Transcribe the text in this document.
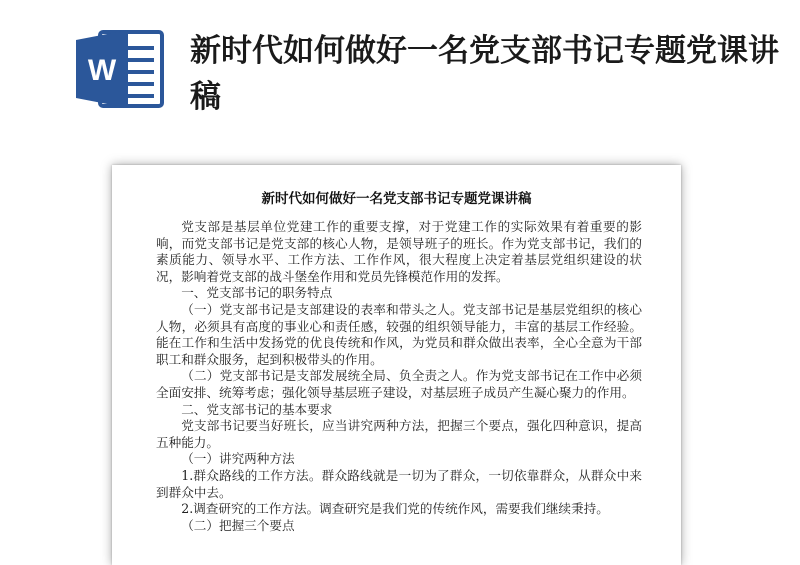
W
新时代如何做好一名党支部书记专题党课讲稿
新时代如何做好一名党支部书记专题党课讲稿

党支部是基层单位党建工作的重要支撑，对于党建工作的实际效果有着重要的影响，而党支部书记是党支部的核心人物，是领导班子的班长。作为党支部书记，我们的素质能力、领导水平、工作方法、工作作风，很大程度上决定着基层党组织建设的状况，影响着党支部的战斗堡垒作用和党员先锋模范作用的发挥。

一、党支部书记的职务特点

（一）党支部书记是支部建设的表率和带头之人。党支部书记是基层党组织的核心人物，必须具有高度的事业心和责任感，较强的组织领导能力，丰富的基层工作经验。能在工作和生活中发扬党的优良传统和作风，为党员和群众做出表率，全心全意为干部职工和群众服务，起到积极带头的作用。

（二）党支部书记是支部发展统全局、负全责之人。作为党支部书记在工作中必须全面安排、统筹考虑；强化领导基层班子建设，对基层班子成员产生凝心聚力的作用。

二、党支部书记的基本要求

党支部书记要当好班长，应当讲究两种方法，把握三个要点，强化四种意识，提高五种能力。

（一）讲究两种方法

1.群众路线的工作方法。群众路线就是一切为了群众，一切依靠群众，从群众中来到群众中去。

2.调查研究的工作方法。调查研究是我们党的传统作风，需要我们继续秉持。

（二）把握三个要点
